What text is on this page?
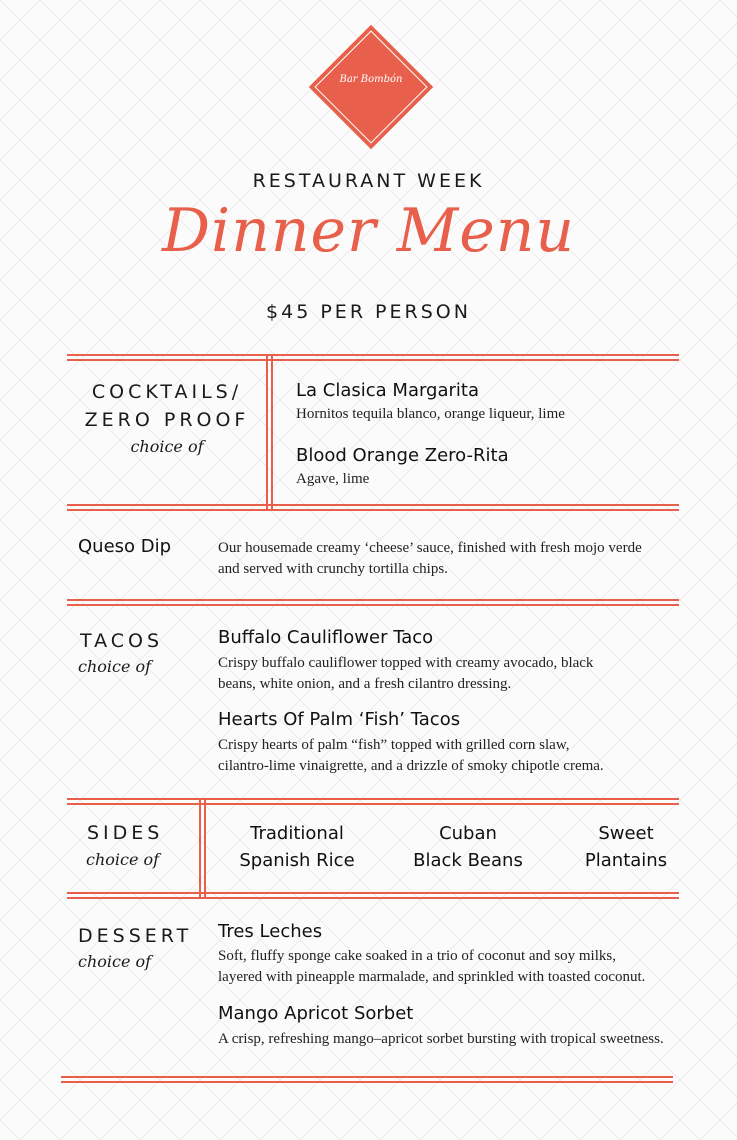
Bar Bombón
RESTAURANT WEEK
Dinner Menu
$45 PER PERSON
COCKTAILS/
ZERO PROOF
choice of
La Clasica Margarita
Hornitos tequila blanco, orange liqueur, lime
Blood Orange Zero-Rita
Agave, lime
Queso Dip	Our housemade creamy ‘cheese’ sauce, finished with fresh mojo verde
and served with crunchy tortilla chips.
TACOS
choice of
Buffalo Cauliflower Taco
Crispy buffalo cauliflower topped with creamy avocado, black
beans, white onion, and a fresh cilantro dressing.
Hearts Of Palm ‘Fish’ Tacos
Crispy hearts of palm “fish” topped with grilled corn slaw,
cilantro-lime vinaigrette, and a drizzle of smoky chipotle crema.
SIDES
choice of
Traditional
Spanish Rice
Cuban
Black Beans
Sweet
Plantains
DESSERT
choice of
Tres Leches
Soft, fluffy sponge cake soaked in a trio of coconut and soy milks,
layered with pineapple marmalade, and sprinkled with toasted coconut.
Mango Apricot Sorbet
A crisp, refreshing mango–apricot sorbet bursting with tropical sweetness.
